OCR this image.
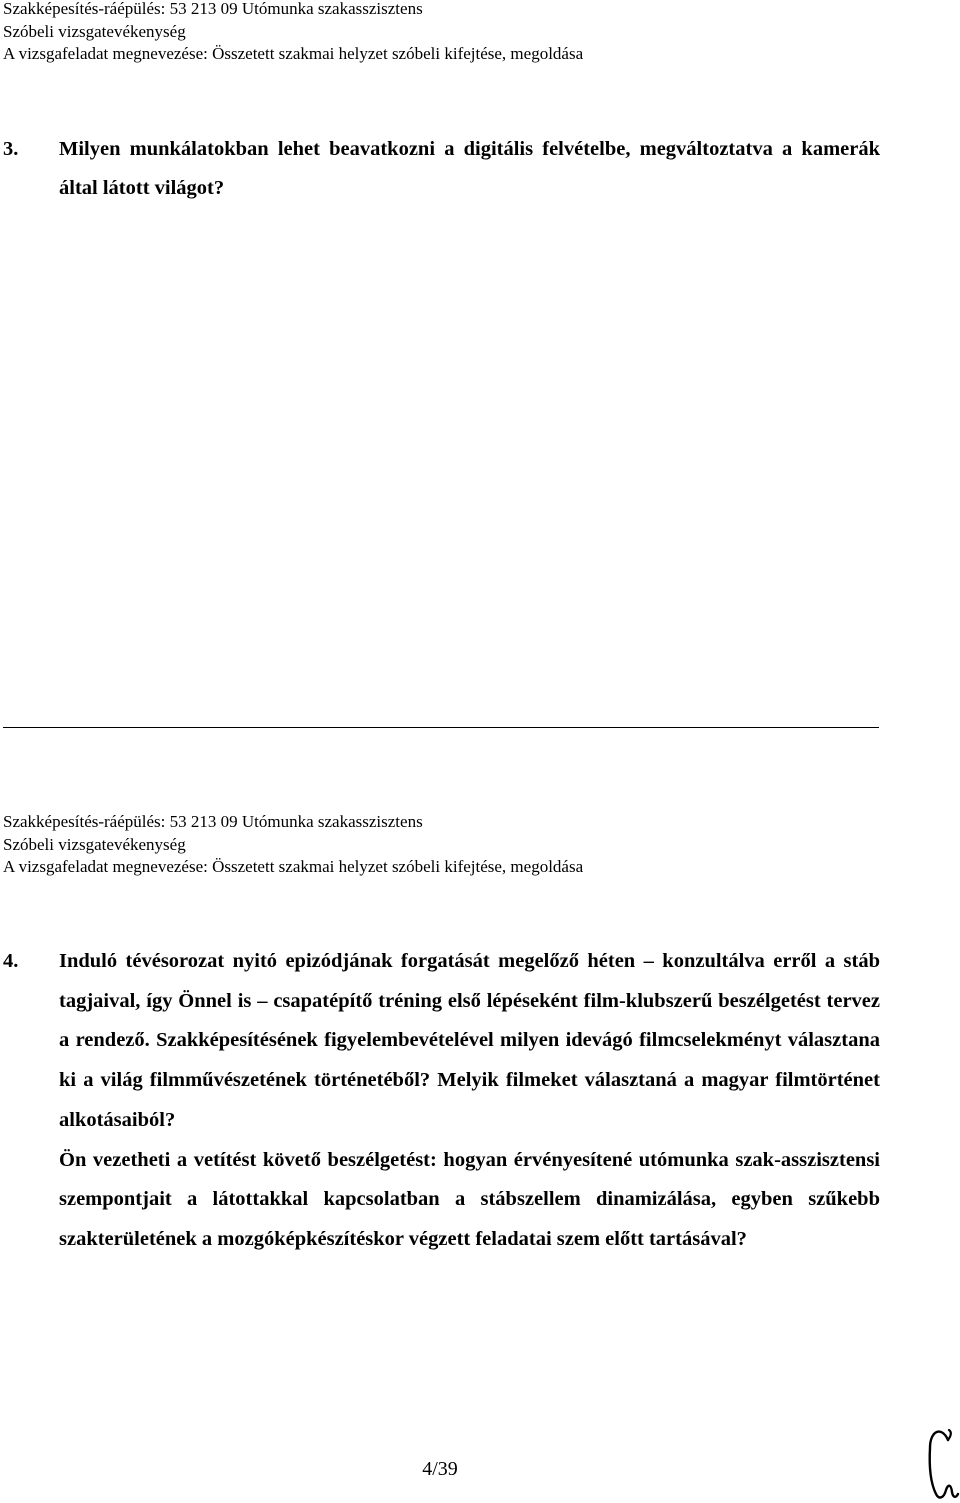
Szakképesítés-ráépülés: 53 213 09 Utómunka szakasszisztens
Szóbeli vizsgatevékenység
A vizsgafeladat megnevezése: Összetett szakmai helyzet szóbeli kifejtése, megoldása
3. Milyen munkálatokban lehet beavatkozni a digitális felvételbe, megváltoztatva a kamerák által látott világot?
Szakképesítés-ráépülés: 53 213 09 Utómunka szakasszisztens
Szóbeli vizsgatevékenység
A vizsgafeladat megnevezése: Összetett szakmai helyzet szóbeli kifejtése, megoldása
4. Induló tévésorozat nyitó epizódjának forgatását megelőző héten – konzultálva erről a stáb tagjaival, így Önnel is – csapatépítő tréning első lépéseként film-klubszerű beszélgetést tervez a rendező. Szakképesítésének figyelembevételével milyen idevágó filmcselekményt választana ki a világ filmművészetének történetéből? Melyik filmeket választaná a magyar filmtörténet alkotásaiból?
Ön vezetheti a vetítést követő beszélgetést: hogyan érvényesítené utómunka szak-asszisztensi szempontjait a látottakkal kapcsolatban a stábszellem dinamizálása, egyben szűkebb szakterületének a mozgóképkészítéskor végzett feladatai szem előtt tartásával?
4/39
